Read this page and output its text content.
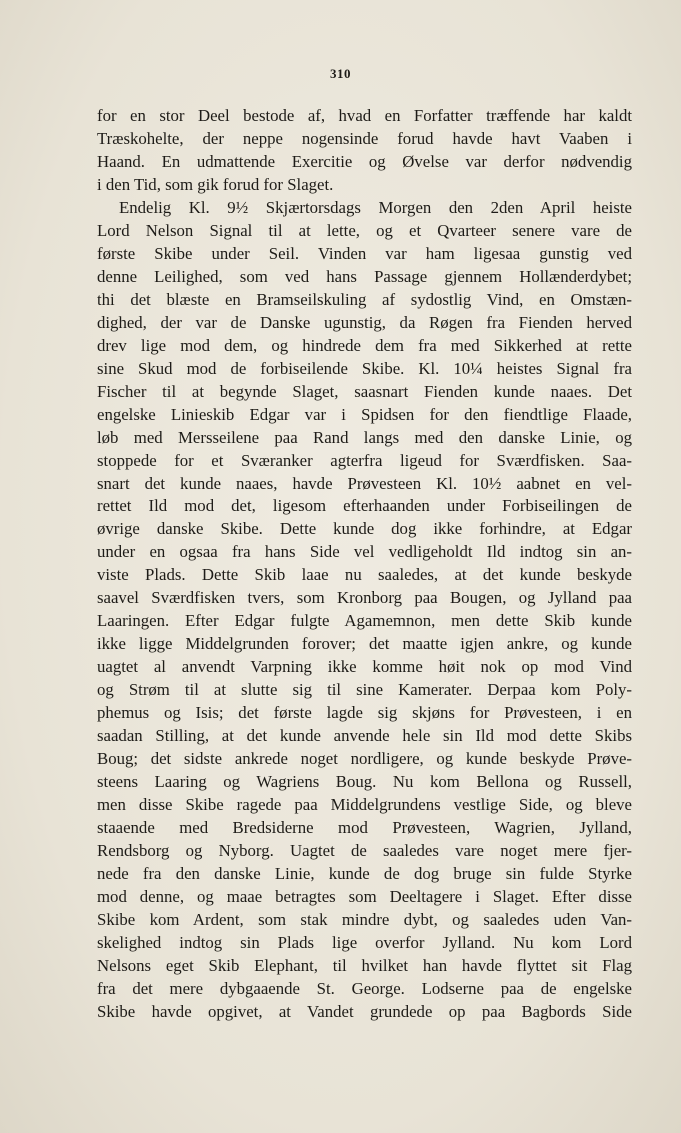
310
for en stor Deel bestode af, hvad en Forfatter træffende har kaldt
Træskohelte, der neppe nogensinde forud havde havt Vaaben i
Haand. En udmattende Exercitie og Øvelse var derfor nødvendig
i den Tid, som gik forud for Slaget.
Endelig Kl. 9½ Skjærtorsdags Morgen den 2den April heiste
Lord Nelson Signal til at lette, og et Qvarteer senere vare de
første Skibe under Seil. Vinden var ham ligesaa gunstig ved
denne Leilighed, som ved hans Passage gjennem Hollænderdybet;
thi det blæste en Bramseilskuling af sydostlig Vind, en Omstæn-
dighed, der var de Danske ugunstig, da Røgen fra Fienden herved
drev lige mod dem, og hindrede dem fra med Sikkerhed at rette
sine Skud mod de forbiseilende Skibe. Kl. 10¼ heistes Signal fra
Fischer til at begynde Slaget, saasnart Fienden kunde naaes. Det
engelske Linieskib Edgar var i Spidsen for den fiendtlige Flaade,
løb med Mersseilene paa Rand langs med den danske Linie, og
stoppede for et Sværanker agterfra ligeud for Sværdfisken. Saa-
snart det kunde naaes, havde Prøvesteen Kl. 10½ aabnet en vel-
rettet Ild mod det, ligesom efterhaanden under Forbiseilingen de
øvrige danske Skibe. Dette kunde dog ikke forhindre, at Edgar
under en ogsaa fra hans Side vel vedligeholdt Ild indtog sin an-
viste Plads. Dette Skib laae nu saaledes, at det kunde beskyde
saavel Sværdfisken tvers, som Kronborg paa Bougen, og Jylland paa
Laaringen. Efter Edgar fulgte Agamemnon, men dette Skib kunde
ikke ligge Middelgrunden forover; det maatte igjen ankre, og kunde
uagtet al anvendt Varpning ikke komme høit nok op mod Vind
og Strøm til at slutte sig til sine Kamerater. Derpaa kom Poly-
phemus og Isis; det første lagde sig skjøns for Prøvesteen, i en
saadan Stilling, at det kunde anvende hele sin Ild mod dette Skibs
Boug; det sidste ankrede noget nordligere, og kunde beskyde Prøve-
steens Laaring og Wagriens Boug. Nu kom Bellona og Russell,
men disse Skibe ragede paa Middelgrundens vestlige Side, og bleve
staaende med Bredsiderne mod Prøvesteen, Wagrien, Jylland,
Rendsborg og Nyborg. Uagtet de saaledes vare noget mere fjer-
nede fra den danske Linie, kunde de dog bruge sin fulde Styrke
mod denne, og maae betragtes som Deeltagere i Slaget. Efter disse
Skibe kom Ardent, som stak mindre dybt, og saaledes uden Van-
skelighed indtog sin Plads lige overfor Jylland. Nu kom Lord
Nelsons eget Skib Elephant, til hvilket han havde flyttet sit Flag
fra det mere dybgaaende St. George. Lodserne paa de engelske
Skibe havde opgivet, at Vandet grundede op paa Bagbords Side
